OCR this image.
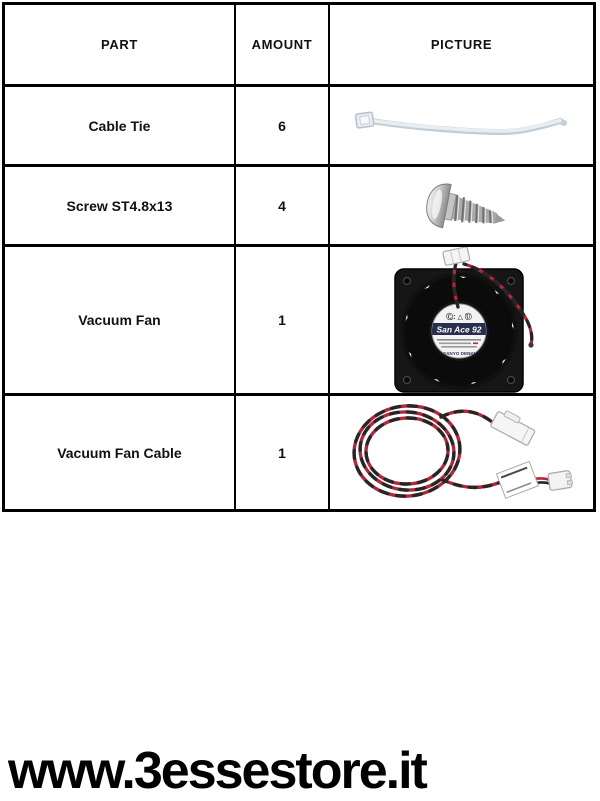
PART	AMOUNT	PICTURE
Cable Tie	6	

Screw ST4.8x13	4	

Vacuum Fan	1	Ⓒ: △ Ⓤ
San Ace 92
SANYO DENKI

Vacuum Fan Cable	1	
www.3essestore.it
